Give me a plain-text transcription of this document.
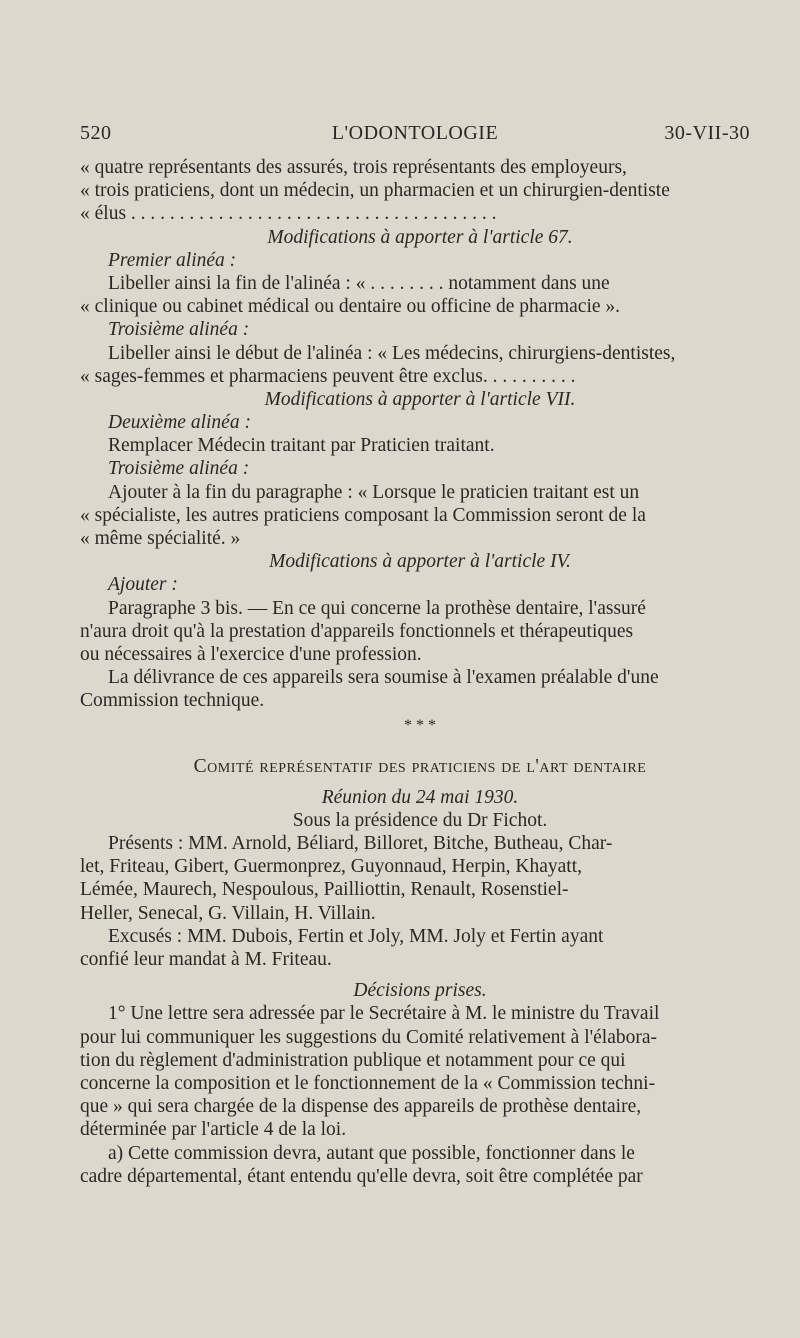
520	L'ODONTOLOGIE	30-VII-30
« quatre représentants des assurés, trois représentants des employeurs,
« trois praticiens, dont un médecin, un pharmacien et un chirurgien-dentiste
« élus . . . . . . . . . . . . . . . . . . . . . . . . . . . . . . . . . . . . . .
Modifications à apporter à l'article 67.
Premier alinéa :
Libeller ainsi la fin de l'alinéa : « . . . . . . . . notamment dans une
« clinique ou cabinet médical ou dentaire ou officine de pharmacie ».
Troisième alinéa :
Libeller ainsi le début de l'alinéa : « Les médecins, chirurgiens-dentistes,
« sages-femmes et pharmaciens peuvent être exclus. . . . . . . . . .
Modifications à apporter à l'article VII.
Deuxième alinéa :
Remplacer Médecin traitant par Praticien traitant.
Troisième alinéa :
Ajouter à la fin du paragraphe : « Lorsque le praticien traitant est un
« spécialiste, les autres praticiens composant la Commission seront de la
« même spécialité. »
Modifications à apporter à l'article IV.
Ajouter :
Paragraphe 3 bis. — En ce qui concerne la prothèse dentaire, l'assuré
n'aura droit qu'à la prestation d'appareils fonctionnels et thérapeutiques
ou nécessaires à l'exercice d'une profession.
La délivrance de ces appareils sera soumise à l'examen préalable d'une
Commission technique.
* * *
Comité représentatif des praticiens de l'art dentaire
Réunion du 24 mai 1930.
Sous la présidence du Dr Fichot.
Présents : MM. Arnold, Béliard, Billoret, Bitche, Butheau, Char-
let, Friteau, Gibert, Guermonprez, Guyonnaud, Herpin, Khayatt,
Lémée, Maurech, Nespoulous, Pailliottin, Renault, Rosenstiel-
Heller, Senecal, G. Villain, H. Villain.
Excusés : MM. Dubois, Fertin et Joly, MM. Joly et Fertin ayant
confié leur mandat à M. Friteau.
Décisions prises.
1° Une lettre sera adressée par le Secrétaire à M. le ministre du Travail
pour lui communiquer les suggestions du Comité relativement à l'élabora-
tion du règlement d'administration publique et notamment pour ce qui
concerne la composition et le fonctionnement de la « Commission techni-
que » qui sera chargée de la dispense des appareils de prothèse dentaire,
déterminée par l'article 4 de la loi.
a) Cette commission devra, autant que possible, fonctionner dans le
cadre départemental, étant entendu qu'elle devra, soit être complétée par
